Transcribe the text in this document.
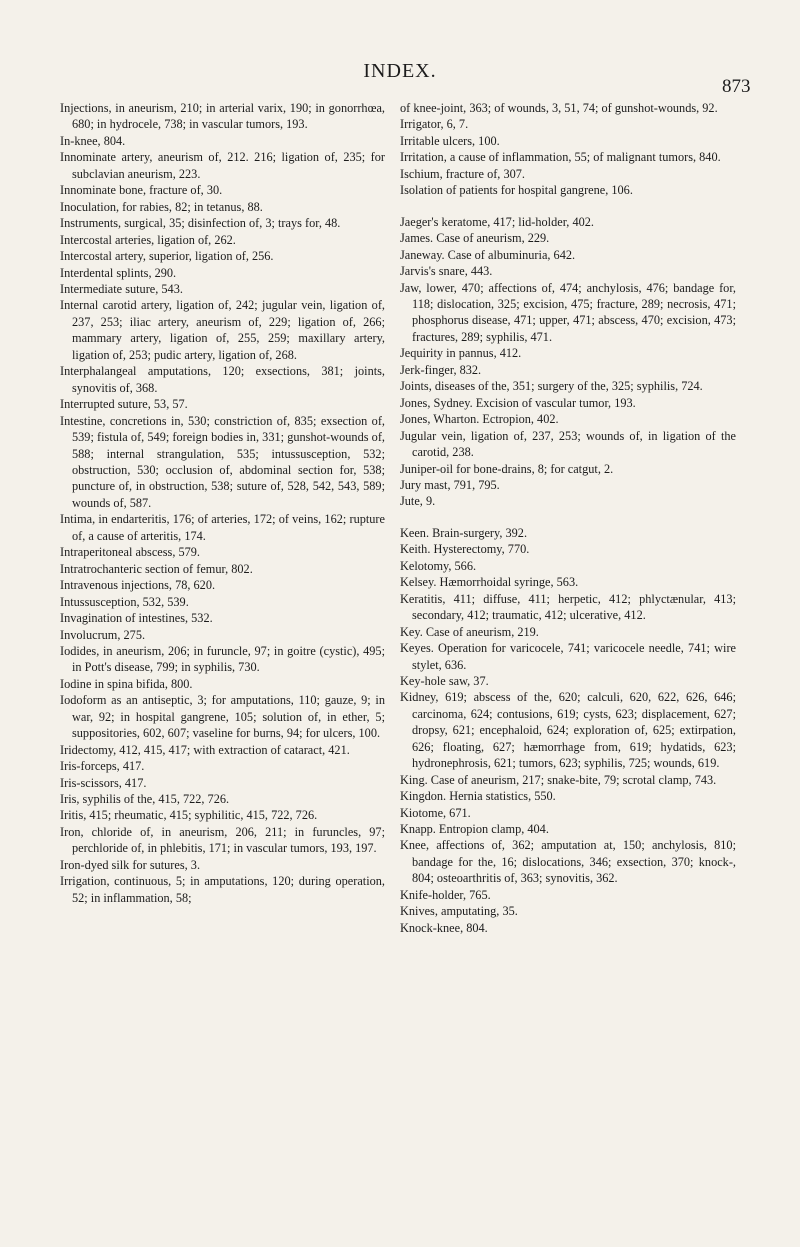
INDEX.
873

Injections, in aneurism, 210; in arterial varix, 190; in gonorrhœa, 680; in hydrocele, 738; in vascular tumors, 193.

In-knee, 804.

Innominate artery, aneurism of, 212. 216; ligation of, 235; for subclavian aneurism, 223.

Innominate bone, fracture of, 30.

Inoculation, for rabies, 82; in tetanus, 88.

Instruments, surgical, 35; disinfection of, 3; trays for, 48.

Intercostal arteries, ligation of, 262.

Intercostal artery, superior, ligation of, 256.

Interdental splints, 290.

Intermediate suture, 543.

Internal carotid artery, ligation of, 242; jugular vein, ligation of, 237, 253; iliac artery, aneurism of, 229; ligation of, 266; mammary artery, ligation of, 255, 259; maxillary artery, ligation of, 253; pudic artery, ligation of, 268.

Interphalangeal amputations, 120; exsections, 381; joints, synovitis of, 368.

Interrupted suture, 53, 57.

Intestine, concretions in, 530; constriction of, 835; exsection of, 539; fistula of, 549; foreign bodies in, 331; gunshot-wounds of, 588; internal strangulation, 535; intussusception, 532; obstruction, 530; occlusion of, abdominal section for, 538; puncture of, in obstruction, 538; suture of, 528, 542, 543, 589; wounds of, 587.

Intima, in endarteritis, 176; of arteries, 172; of veins, 162; rupture of, a cause of arteritis, 174.

Intraperitoneal abscess, 579.

Intratrochanteric section of femur, 802.

Intravenous injections, 78, 620.

Intussusception, 532, 539.

Invagination of intestines, 532.

Involucrum, 275.

Iodides, in aneurism, 206; in furuncle, 97; in goitre (cystic), 495; in Pott's disease, 799; in syphilis, 730.

Iodine in spina bifida, 800.

Iodoform as an antiseptic, 3; for amputations, 110; gauze, 9; in war, 92; in hospital gangrene, 105; solution of, in ether, 5; suppositories, 602, 607; vaseline for burns, 94; for ulcers, 100.

Iridectomy, 412, 415, 417; with extraction of cataract, 421.

Iris-forceps, 417.

Iris-scissors, 417.

Iris, syphilis of the, 415, 722, 726.

Iritis, 415; rheumatic, 415; syphilitic, 415, 722, 726.

Iron, chloride of, in aneurism, 206, 211; in furuncles, 97; perchloride of, in phlebitis, 171; in vascular tumors, 193, 197.

Iron-dyed silk for sutures, 3.

Irrigation, continuous, 5; in amputations, 120; during operation, 52; in inflammation, 58;

of knee-joint, 363; of wounds, 3, 51, 74; of gunshot-wounds, 92.

Irrigator, 6, 7.

Irritable ulcers, 100.

Irritation, a cause of inflammation, 55; of malignant tumors, 840.

Ischium, fracture of, 307.

Isolation of patients for hospital gangrene, 106.

Jaeger's keratome, 417; lid-holder, 402.

James. Case of aneurism, 229.

Janeway. Case of albuminuria, 642.

Jarvis's snare, 443.

Jaw, lower, 470; affections of, 474; anchylosis, 476; bandage for, 118; dislocation, 325; excision, 475; fracture, 289; necrosis, 471; phosphorus disease, 471; upper, 471; abscess, 470; excision, 473; fractures, 289; syphilis, 471.

Jequirity in pannus, 412.

Jerk-finger, 832.

Joints, diseases of the, 351; surgery of the, 325; syphilis, 724.

Jones, Sydney. Excision of vascular tumor, 193.

Jones, Wharton. Ectropion, 402.

Jugular vein, ligation of, 237, 253; wounds of, in ligation of the carotid, 238.

Juniper-oil for bone-drains, 8; for catgut, 2.

Jury mast, 791, 795.

Jute, 9.

Keen. Brain-surgery, 392.

Keith. Hysterectomy, 770.

Kelotomy, 566.

Kelsey. Hæmorrhoidal syringe, 563.

Keratitis, 411; diffuse, 411; herpetic, 412; phlyctænular, 413; secondary, 412; traumatic, 412; ulcerative, 412.

Key. Case of aneurism, 219.

Keyes. Operation for varicocele, 741; varicocele needle, 741; wire stylet, 636.

Key-hole saw, 37.

Kidney, 619; abscess of the, 620; calculi, 620, 622, 626, 646; carcinoma, 624; contusions, 619; cysts, 623; displacement, 627; dropsy, 621; encephaloid, 624; exploration of, 625; extirpation, 626; floating, 627; hæmorrhage from, 619; hydatids, 623; hydronephrosis, 621; tumors, 623; syphilis, 725; wounds, 619.

King. Case of aneurism, 217; snake-bite, 79; scrotal clamp, 743.

Kingdon. Hernia statistics, 550.

Kiotome, 671.

Knapp. Entropion clamp, 404.

Knee, affections of, 362; amputation at, 150; anchylosis, 810; bandage for the, 16; dislocations, 346; exsection, 370; knock-, 804; osteoarthritis of, 363; synovitis, 362.

Knife-holder, 765.

Knives, amputating, 35.

Knock-knee, 804.
